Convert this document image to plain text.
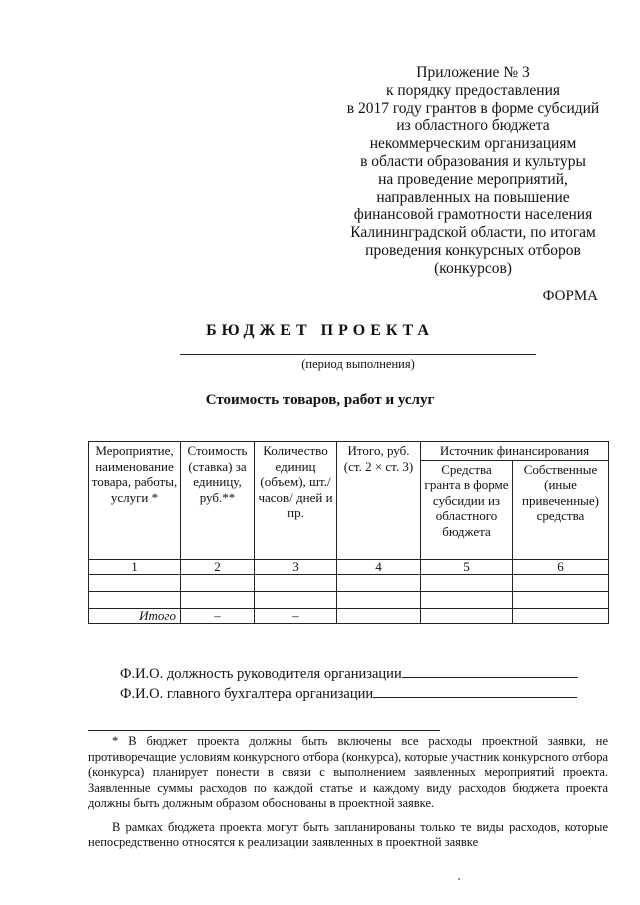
Приложение № 3
к порядку предоставления
в 2017 году грантов в форме субсидий
из областного бюджета
некоммерческим организациям
в области образования и культуры
на проведение мероприятий,
направленных на повышение
финансовой грамотности населения
Калининградской области, по итогам
проведения конкурсных отборов
(конкурсов)
ФОРМА
БЮДЖЕТ ПРОЕКТА
(период выполнения)
Стоимость товаров, работ и услуг
Мероприятие, наименование товара, работы, услуги *	Стоимость (ставка) за единицу, руб.**	Количество единиц (объем), шт./часов/ дней и пр.	Итого, руб. (ст. 2 × ст. 3)	Источник финансирования	
				Средства гранта в форме субсидии из областного бюджета	Собственные (иные привеченные) средства
1	2	3	4	5	6

Итого	–	–			
Ф.И.О. должность руководителя организации
Ф.И.О. главного бухгалтера организации

* В бюджет проекта должны быть включены все расходы проектной заявки, не противоречащие условиям конкурсного отбора (конкурса), которые участник конкурсного отбора (конкурса) планирует понести в связи с выполнением заявленных мероприятий проекта. Заявленные суммы расходов по каждой статье и каждому виду расходов бюджета проекта должны быть должным образом обоснованы в проектной заявке.

В рамках бюджета проекта могут быть запланированы только те виды расходов, которые непосредственно относятся к реализации заявленных в проектной заявке
